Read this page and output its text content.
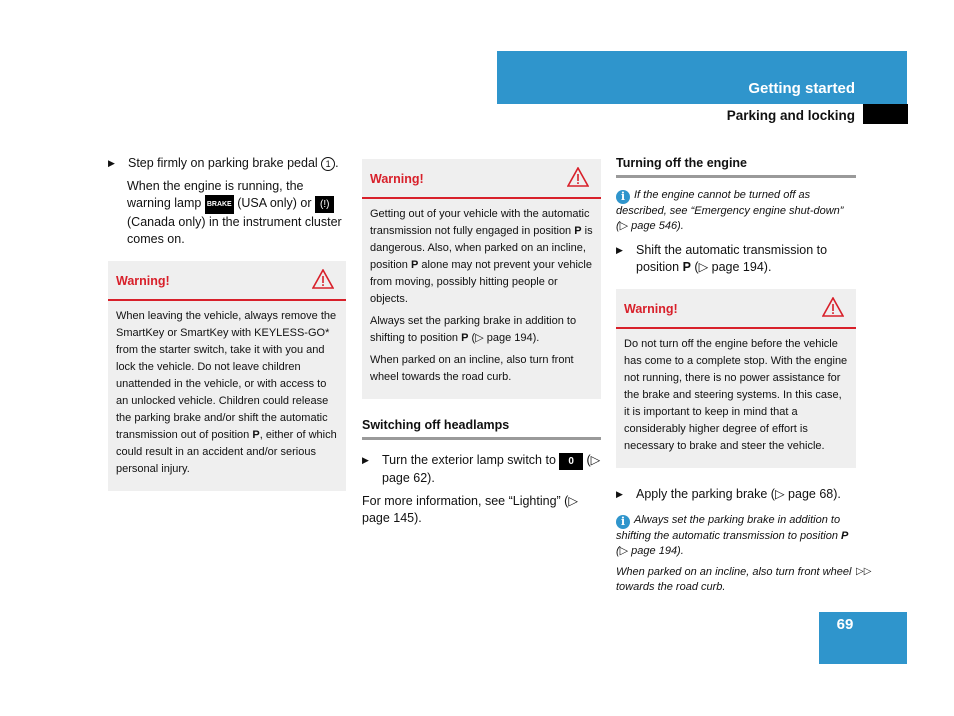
Getting started
Parking and locking

▶ Step firmly on parking brake pedal 1 .

When the engine is running, the warning lamp BRAKE (USA only) or (!) (Canada only) in the instrument cluster comes on.

Warning!

When leaving the vehicle, always remove the SmartKey or SmartKey with KEYLESS-GO* from the starter switch, take it with you and lock the vehicle. Do not leave children unattended in the vehicle, or with access to an unlocked vehicle. Children could release the parking brake and/or shift the automatic transmission out of position P, either of which could result in an accident and/or serious personal injury.

Warning!

Getting out of your vehicle with the automatic transmission not fully engaged in position P is dangerous. Also, when parked on an incline, position P alone may not prevent your vehicle from moving, possibly hitting people or objects.

Always set the parking brake in addition to shifting to position P (▷ page 194).

When parked on an incline, also turn front wheel towards the road curb.

Switching off headlamps

▶ Turn the exterior lamp switch to 0 (▷ page 62).

For more information, see “Lighting” (▷ page 145).

Turning off the engine

i If the engine cannot be turned off as described, see “Emergency engine shut-down” (▷ page 546).

▶ Shift the automatic transmission to position P (▷ page 194).

Warning!

Do not turn off the engine before the vehicle has come to a complete stop. With the engine not running, there is no power assistance for the brake and steering systems. In this case, it is important to keep in mind that a considerably higher degree of effort is necessary to brake and steer the vehicle.

▶ Apply the parking brake (▷ page 68).

i Always set the parking brake in addition to shifting the automatic transmission to position P (▷ page 194).

When parked on an incline, also turn front wheel towards the road curb.

▷▷
69
